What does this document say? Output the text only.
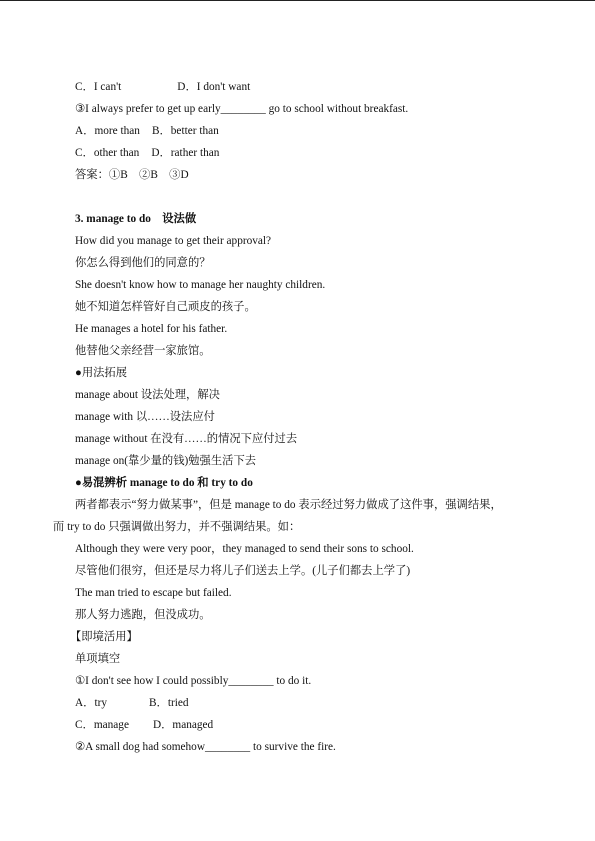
C．I can't	D．I don't want
③I always prefer to get up early________ go to school without breakfast.
A．more than B．better than
C．other than D．rather than
答案：①B　②B　③D
3. manage to do　设法做
How did you manage to get their approval?
你怎么得到他们的同意的？
She doesn't know how to manage her naughty children.
她不知道怎样管好自己顽皮的孩子。
He manages a hotel for his father.
他替他父亲经营一家旅馆。
●用法拓展
manage about 设法处理，解决
manage with 以……设法应付
manage without 在没有……的情况下应付过去
manage on(靠少量的钱)勉强生活下去
●易混辨析 manage to do 和 try to do
两者都表示“努力做某事”，但是 manage to do 表示经过努力做成了这件事，强调结果，
而 try to do 只强调做出努力，并不强调结果。如：
Although they were very poor，they managed to send their sons to school.
尽管他们很穷，但还是尽力将儿子们送去上学。(儿子们都去上学了)
The man tried to escape but failed.
那人努力逃跑，但没成功。
【即境活用】
单项填空
①I don't see how I could possibly________ to do it.
A．try	B．tried
C．manage D．managed
②A small dog had somehow________ to survive the fire.
